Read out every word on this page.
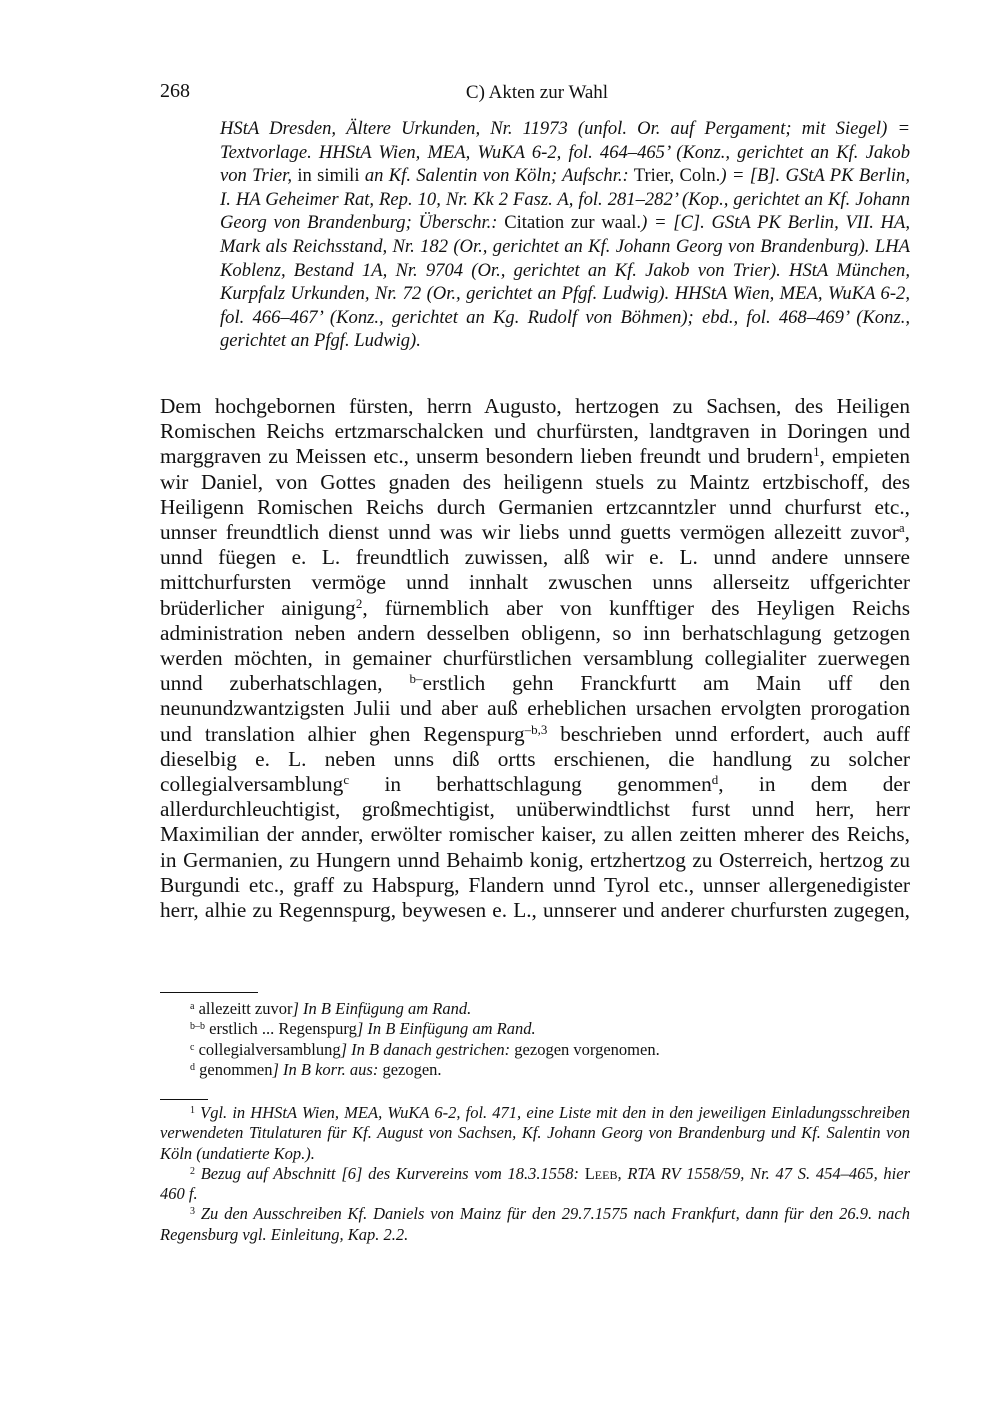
268	C) Akten zur Wahl
HStA Dresden, Ältere Urkunden, Nr. 11973 (unfol. Or. auf Pergament; mit Siegel) = Textvorlage. HHStA Wien, MEA, WuKA 6-2, fol. 464–465’ (Konz., gerichtet an Kf. Jakob von Trier, in simili an Kf. Salentin von Köln; Aufschr.: Trier, Coln.) = [B]. GStA PK Berlin, I. HA Geheimer Rat, Rep. 10, Nr. Kk 2 Fasz. A, fol. 281–282’ (Kop., gerichtet an Kf. Johann Georg von Brandenburg; Überschr.: Citation zur waal.) = [C]. GStA PK Berlin, VII. HA, Mark als Reichsstand, Nr. 182 (Or., gerichtet an Kf. Johann Georg von Brandenburg). LHA Koblenz, Bestand 1A, Nr. 9704 (Or., gerichtet an Kf. Jakob von Trier). HStA München, Kurpfalz Urkunden, Nr. 72 (Or., gerichtet an Pfgf. Ludwig). HHStA Wien, MEA, WuKA 6-2, fol. 466–467’ (Konz., gerichtet an Kg. Rudolf von Böhmen); ebd., fol. 468–469’ (Konz., gerichtet an Pfgf. Ludwig).
Dem hochgebornen fürsten, herrn Augusto, hertzogen zu Sachsen, des Heiligen Romischen Reichs ertzmarschalcken und churfürsten, landtgraven in Doringen und marggraven zu Meissen etc., unserm besondern lieben freundt und brudern$^1$, empieten wir Daniel, von Gottes gnaden des heiligenn stuels zu Maintz ertzbischoff, des Heiligenn Romischen Reichs durch Germanien ertzcanntzler unnd churfurst etc., unnser freundtlich dienst unnd was wir liebs unnd guetts vermögen allezeitt zuvor$^a$, unnd füegen e. L. freundtlich zuwissen, alß wir e. L. unnd andere unnsere mittchurfursten vermöge unnd innhalt zwuschen unns allerseitz uffgerichter brüderlicher ainigung$^2$, fürnemblich aber von kunfftiger des Heyligen Reichs administration neben andern desselben obligenn, so inn berhatschlagung getzogen werden möchten, in gemainer churfürstlichen versamblung collegialiter zuerwegen unnd zuberhatschlagen, $^{b-}$erstlich gehn Franckfurtt am Main uff den neunundzwantzigsten Julii und aber auß erheblichen ursachen ervolgten prorogation und translation alhier ghen Regenspurg$^{-b,3}$ beschrieben unnd erfordert, auch auff dieselbig e. L. neben unns diß ortts erschienen, die handlung zu solcher collegialversamblung$^c$ in berhattschlagung genommen$^d$, in dem der allerdurchleuchtigist, großmechtigist, unüberwindtlichst furst unnd herr, herr Maximilian der annder, erwölter romischer kaiser, zu allen zeitten mherer des Reichs, in Germanien, zu Hungern unnd Behaimb konig, ertzhertzog zu Osterreich, hertzog zu Burgundi etc., graff zu Habspurg, Flandern unnd Tyrol etc., unnser allergenedigister herr, alhie zu Regennspurg, beywesen e. L., unnserer und anderer churfursten zugegen,
$^a$ allezeitt zuvor] In B Einfügung am Rand.
$^{b-b}$ erstlich ... Regenspurg] In B Einfügung am Rand.
$^c$ collegialversamblung] In B danach gestrichen: gezogen vorgenomen.
$^d$ genommen] In B korr. aus: gezogen.
$^1$ Vgl. in HHStA Wien, MEA, WuKA 6-2, fol. 471, eine Liste mit den in den jeweiligen Einladungsschreiben verwendeten Titulaturen für Kf. August von Sachsen, Kf. Johann Georg von Brandenburg und Kf. Salentin von Köln (undatierte Kop.).
$^2$ Bezug auf Abschnitt [6] des Kurvereins vom 18.3.1558: Leeb, RTA RV 1558/59, Nr. 47 S. 454–465, hier 460 f.
$^3$ Zu den Ausschreiben Kf. Daniels von Mainz für den 29.7.1575 nach Frankfurt, dann für den 26.9. nach Regensburg vgl. Einleitung, Kap. 2.2.
